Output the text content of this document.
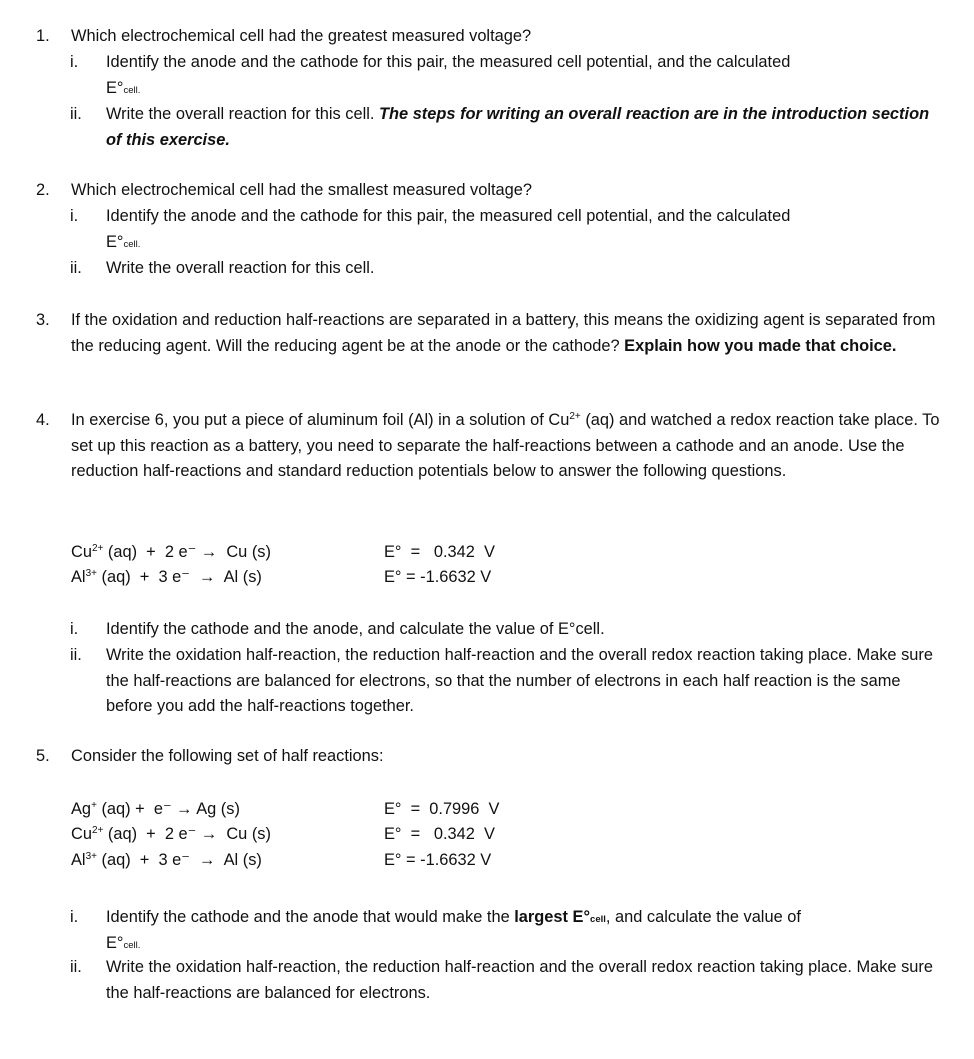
1. Which electrochemical cell had the greatest measured voltage?
i. Identify the anode and the cathode for this pair, the measured cell potential, and the calculated
E°cell.
ii. Write the overall reaction for this cell. The steps for writing an overall reaction are in the introduction section of this exercise.
2. Which electrochemical cell had the smallest measured voltage?
i. Identify the anode and the cathode for this pair, the measured cell potential, and the calculated
E°cell.
ii. Write the overall reaction for this cell.
3. If the oxidation and reduction half-reactions are separated in a battery, this means the oxidizing agent is separated from the reducing agent. Will the reducing agent be at the anode or the cathode? Explain how you made that choice.
4. In exercise 6, you put a piece of aluminum foil (Al) in a solution of $Cu^{2+}$ (aq) and watched a redox reaction take place. To set up this reaction as a battery, you need to separate the half-reactions between a cathode and an anode. Use the reduction half-reactions and standard reduction potentials below to answer the following questions.
$Cu^{2+}$ (aq)  +  2 e⁻ →  Cu (s)	E°  =   0.342  V
$Al^{3+}$ (aq)  +  3 e⁻  →  Al (s)	E° = -1.6632 V
i. Identify the cathode and the anode, and calculate the value of E°cell.
ii. Write the oxidation half-reaction, the reduction half-reaction and the overall redox reaction taking place. Make sure the half-reactions are balanced for electrons, so that the number of electrons in each half reaction is the same before you add the half-reactions together.
5. Consider the following set of half reactions:
Ag+ (aq) +  e⁻ → Ag (s)	E°  =  0.7996  V
$Cu^{2+}$ (aq)  +  2 e⁻ →  Cu (s)	E°  =   0.342  V
$Al^{3+}$ (aq)  +  3 e⁻  →  Al (s)	E° = -1.6632 V
i. Identify the cathode and the anode that would make the largest E°cell, and calculate the value of
E°cell.
ii. Write the oxidation half-reaction, the reduction half-reaction and the overall redox reaction taking place. Make sure the half-reactions are balanced for electrons.
